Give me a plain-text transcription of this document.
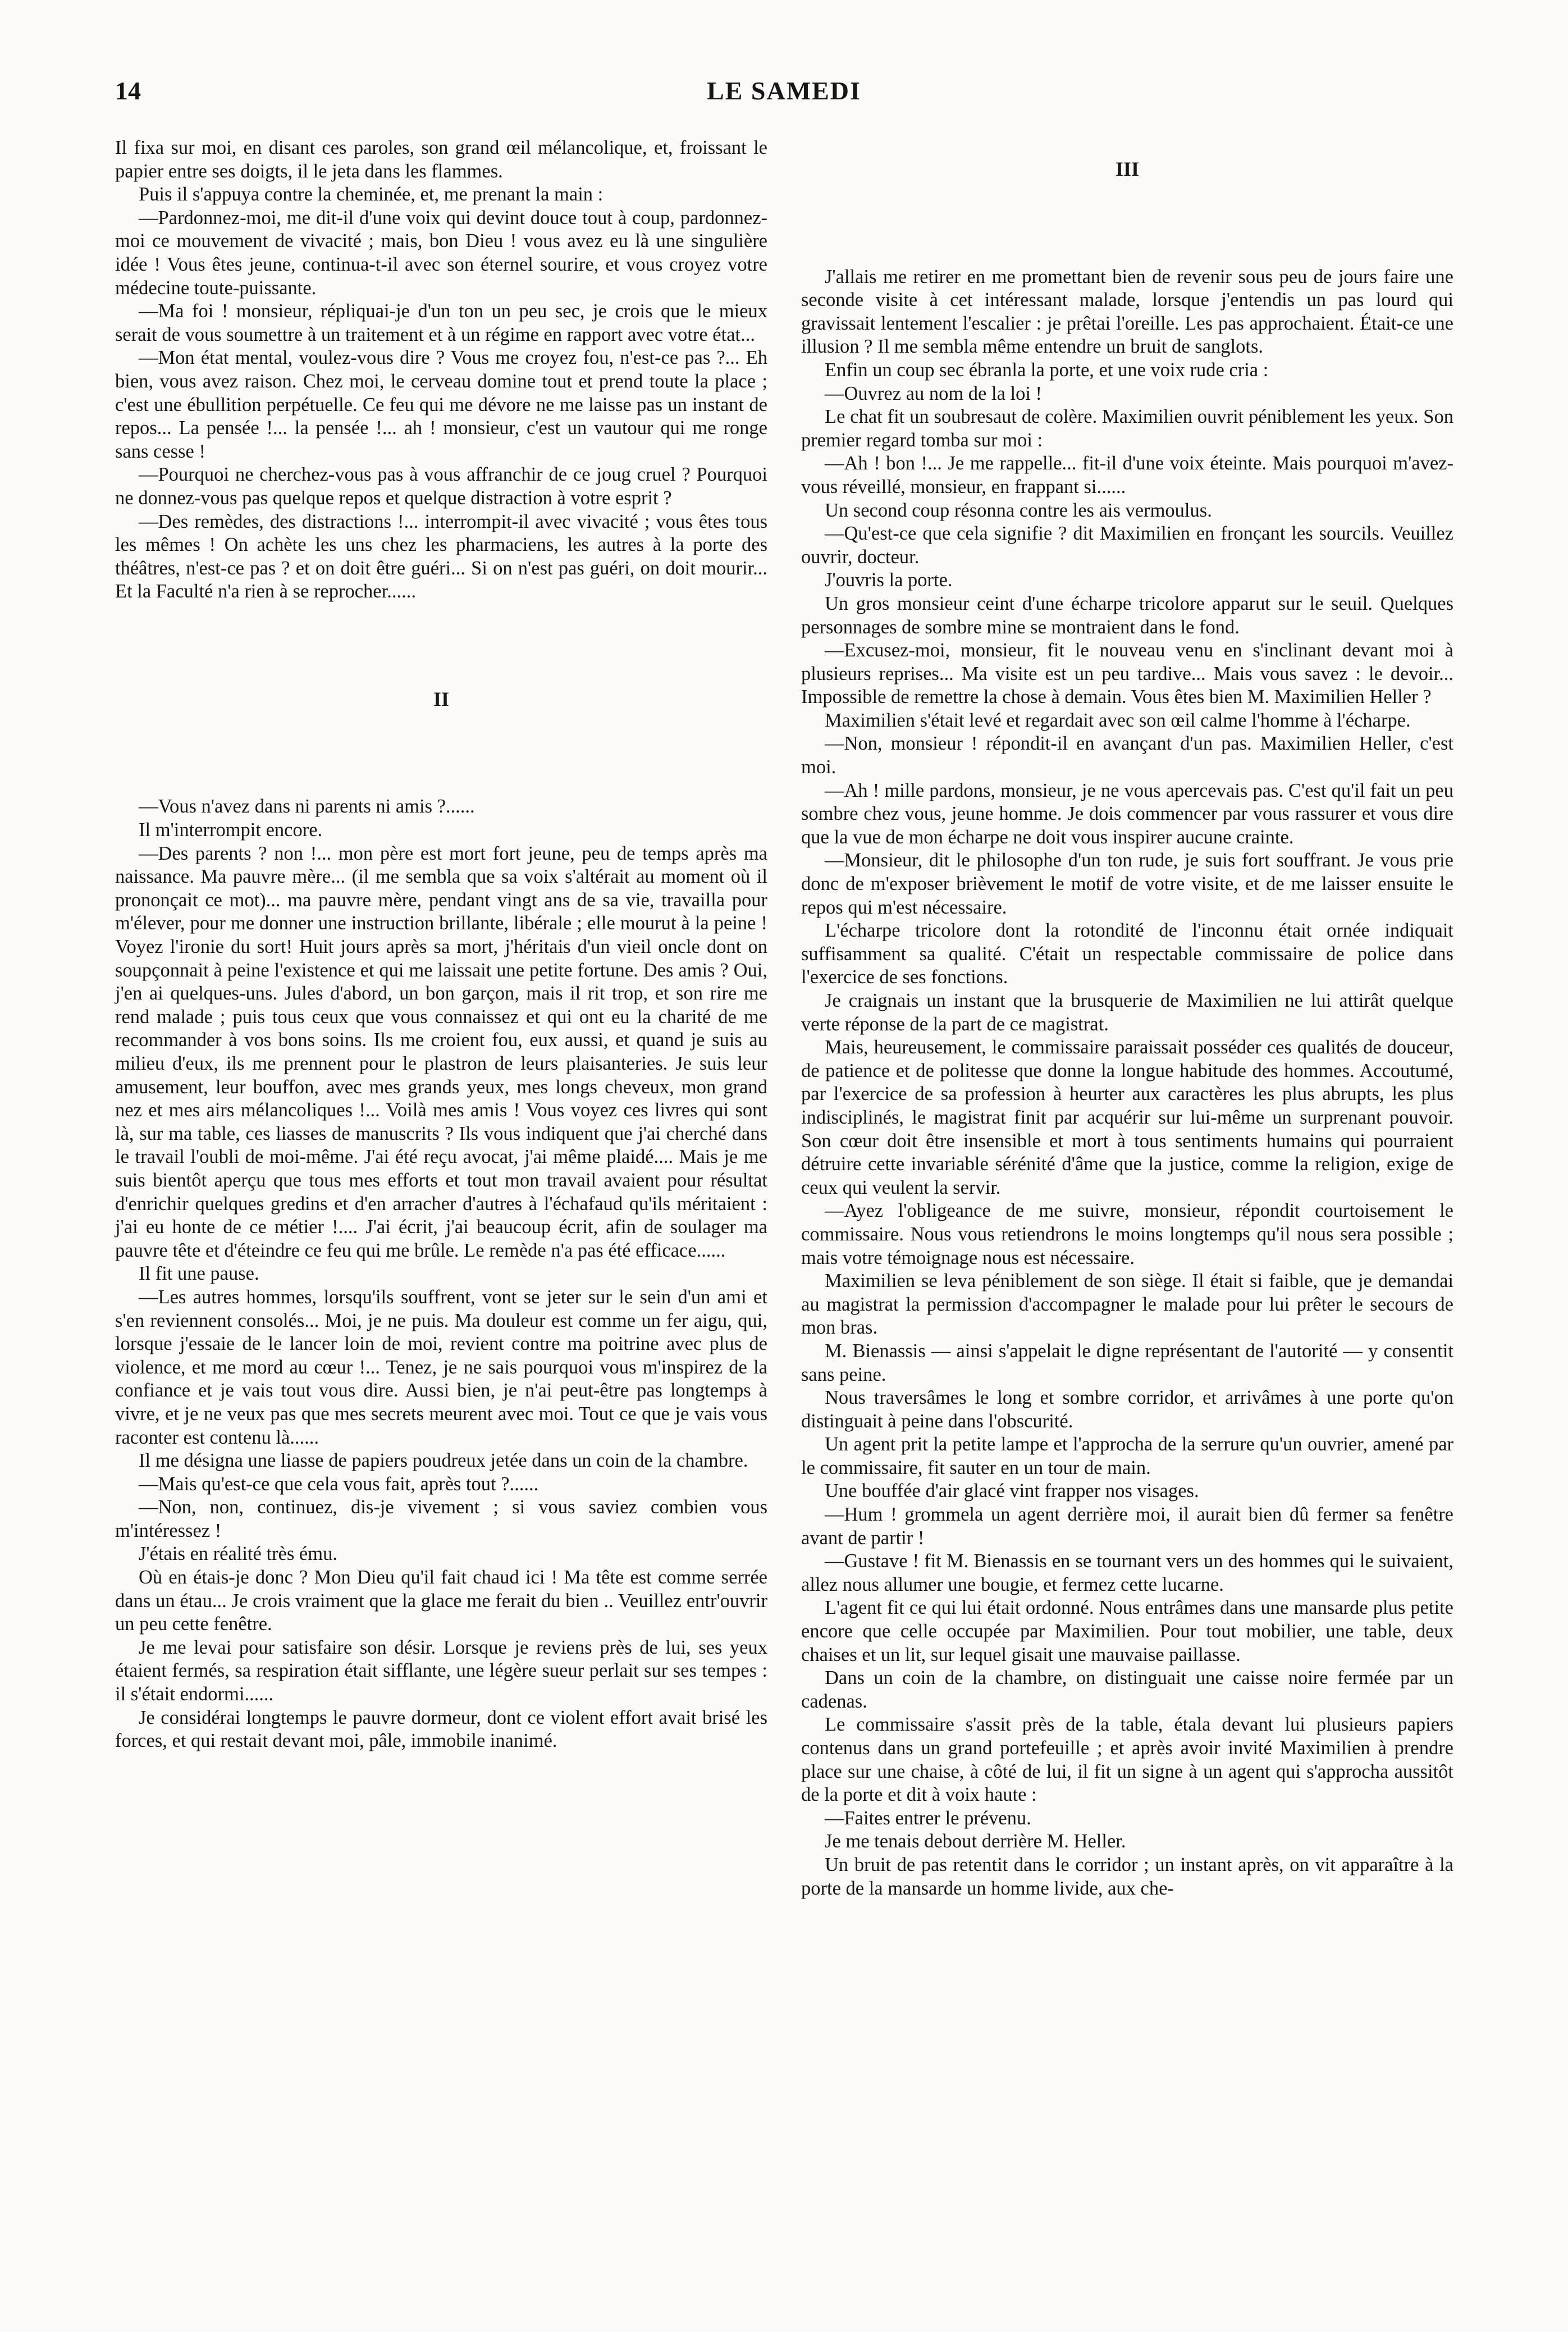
14	LE SAMEDI

Il fixa sur moi, en disant ces paroles, son grand œil mélancolique, et, froissant le papier entre ses doigts, il le jeta dans les flammes.

Puis il s'appuya contre la cheminée, et, me prenant la main :

—Pardonnez-moi, me dit-il d'une voix qui devint douce tout à coup, pardonnez-moi ce mouvement de vivacité ; mais, bon Dieu ! vous avez eu là une singulière idée ! Vous êtes jeune, continua-t-il avec son éternel sourire, et vous croyez votre médecine toute-puissante.

—Ma foi ! monsieur, répliquai-je d'un ton un peu sec, je crois que le mieux serait de vous soumettre à un traitement et à un régime en rapport avec votre état...

—Mon état mental, voulez-vous dire ? Vous me croyez fou, n'est-ce pas ?... Eh bien, vous avez raison. Chez moi, le cerveau domine tout et prend toute la place ; c'est une ébullition perpétuelle. Ce feu qui me dévore ne me laisse pas un instant de repos... La pensée !... la pensée !... ah ! monsieur, c'est un vautour qui me ronge sans cesse !

—Pourquoi ne cherchez-vous pas à vous affranchir de ce joug cruel ? Pourquoi ne donnez-vous pas quelque repos et quelque distraction à votre esprit ?

—Des remèdes, des distractions !... interrompit-il avec vivacité ; vous êtes tous les mêmes ! On achète les uns chez les pharmaciens, les autres à la porte des théâtres, n'est-ce pas ? et on doit être guéri... Si on n'est pas guéri, on doit mourir... Et la Faculté n'a rien à se reprocher......

II

—Vous n'avez dans ni parents ni amis ?......

Il m'interrompit encore.

—Des parents ? non !... mon père est mort fort jeune, peu de temps après ma naissance. Ma pauvre mère... (il me sembla que sa voix s'altérait au moment où il prononçait ce mot)... ma pauvre mère, pendant vingt ans de sa vie, travailla pour m'élever, pour me donner une instruction brillante, libérale ; elle mourut à la peine ! Voyez l'ironie du sort! Huit jours après sa mort, j'héritais d'un vieil oncle dont on soupçonnait à peine l'existence et qui me laissait une petite fortune. Des amis ? Oui, j'en ai quelques-uns. Jules d'abord, un bon garçon, mais il rit trop, et son rire me rend malade ; puis tous ceux que vous connaissez et qui ont eu la charité de me recommander à vos bons soins. Ils me croient fou, eux aussi, et quand je suis au milieu d'eux, ils me prennent pour le plastron de leurs plaisanteries. Je suis leur amusement, leur bouffon, avec mes grands yeux, mes longs cheveux, mon grand nez et mes airs mélancoliques !... Voilà mes amis ! Vous voyez ces livres qui sont là, sur ma table, ces liasses de manuscrits ? Ils vous indiquent que j'ai cherché dans le travail l'oubli de moi-même. J'ai été reçu avocat, j'ai même plaidé.... Mais je me suis bientôt aperçu que tous mes efforts et tout mon travail avaient pour résultat d'enrichir quelques gredins et d'en arracher d'autres à l'échafaud qu'ils méritaient : j'ai eu honte de ce métier !.... J'ai écrit, j'ai beaucoup écrit, afin de soulager ma pauvre tête et d'éteindre ce feu qui me brûle. Le remède n'a pas été efficace......

Il fit une pause.

—Les autres hommes, lorsqu'ils souffrent, vont se jeter sur le sein d'un ami et s'en reviennent consolés... Moi, je ne puis. Ma douleur est comme un fer aigu, qui, lorsque j'essaie de le lancer loin de moi, revient contre ma poitrine avec plus de violence, et me mord au cœur !... Tenez, je ne sais pourquoi vous m'inspirez de la confiance et je vais tout vous dire. Aussi bien, je n'ai peut-être pas longtemps à vivre, et je ne veux pas que mes secrets meurent avec moi. Tout ce que je vais vous raconter est contenu là......

Il me désigna une liasse de papiers poudreux jetée dans un coin de la chambre.

—Mais qu'est-ce que cela vous fait, après tout ?......

—Non, non, continuez, dis-je vivement ; si vous saviez combien vous m'intéressez !

J'étais en réalité très ému.

Où en étais-je donc ? Mon Dieu qu'il fait chaud ici ! Ma tête est comme serrée dans un étau... Je crois vraiment que la glace me ferait du bien .. Veuillez entr'ouvrir un peu cette fenêtre.

Je me levai pour satisfaire son désir. Lorsque je reviens près de lui, ses yeux étaient fermés, sa respiration était sifflante, une légère sueur perlait sur ses tempes : il s'était endormi......

Je considérai longtemps le pauvre dormeur, dont ce violent effort avait brisé les forces, et qui restait devant moi, pâle, immobile inanimé.

III

J'allais me retirer en me promettant bien de revenir sous peu de jours faire une seconde visite à cet intéressant malade, lorsque j'entendis un pas lourd qui gravissait lentement l'escalier : je prêtai l'oreille. Les pas approchaient. Était-ce une illusion ? Il me sembla même entendre un bruit de sanglots.

Enfin un coup sec ébranla la porte, et une voix rude cria :

—Ouvrez au nom de la loi !

Le chat fit un soubresaut de colère. Maximilien ouvrit péniblement les yeux. Son premier regard tomba sur moi :

—Ah ! bon !... Je me rappelle... fit-il d'une voix éteinte. Mais pourquoi m'avez-vous réveillé, monsieur, en frappant si......

Un second coup résonna contre les ais vermoulus.

—Qu'est-ce que cela signifie ? dit Maximilien en fronçant les sourcils. Veuillez ouvrir, docteur.

J'ouvris la porte.

Un gros monsieur ceint d'une écharpe tricolore apparut sur le seuil. Quelques personnages de sombre mine se montraient dans le fond.

—Excusez-moi, monsieur, fit le nouveau venu en s'inclinant devant moi à plusieurs reprises... Ma visite est un peu tardive... Mais vous savez : le devoir... Impossible de remettre la chose à demain. Vous êtes bien M. Maximilien Heller ?

Maximilien s'était levé et regardait avec son œil calme l'homme à l'écharpe.

—Non, monsieur ! répondit-il en avançant d'un pas. Maximilien Heller, c'est moi.

—Ah ! mille pardons, monsieur, je ne vous apercevais pas. C'est qu'il fait un peu sombre chez vous, jeune homme. Je dois commencer par vous rassurer et vous dire que la vue de mon écharpe ne doit vous inspirer aucune crainte.

—Monsieur, dit le philosophe d'un ton rude, je suis fort souffrant. Je vous prie donc de m'exposer brièvement le motif de votre visite, et de me laisser ensuite le repos qui m'est nécessaire.

L'écharpe tricolore dont la rotondité de l'inconnu était ornée indiquait suffisamment sa qualité. C'était un respectable commissaire de police dans l'exercice de ses fonctions.

Je craignais un instant que la brusquerie de Maximilien ne lui attirât quelque verte réponse de la part de ce magistrat.

Mais, heureusement, le commissaire paraissait posséder ces qualités de douceur, de patience et de politesse que donne la longue habitude des hommes. Accoutumé, par l'exercice de sa profession à heurter aux caractères les plus abrupts, les plus indisciplinés, le magistrat finit par acquérir sur lui-même un surprenant pouvoir. Son cœur doit être insensible et mort à tous sentiments humains qui pourraient détruire cette invariable sérénité d'âme que la justice, comme la religion, exige de ceux qui veulent la servir.

—Ayez l'obligeance de me suivre, monsieur, répondit courtoisement le commissaire. Nous vous retiendrons le moins longtemps qu'il nous sera possible ; mais votre témoignage nous est nécessaire.

Maximilien se leva péniblement de son siège. Il était si faible, que je demandai au magistrat la permission d'accompagner le malade pour lui prêter le secours de mon bras.

M. Bienassis — ainsi s'appelait le digne représentant de l'autorité — y consentit sans peine.

Nous traversâmes le long et sombre corridor, et arrivâmes à une porte qu'on distinguait à peine dans l'obscurité.

Un agent prit la petite lampe et l'approcha de la serrure qu'un ouvrier, amené par le commissaire, fit sauter en un tour de main.

Une bouffée d'air glacé vint frapper nos visages.

—Hum ! grommela un agent derrière moi, il aurait bien dû fermer sa fenêtre avant de partir !

—Gustave ! fit M. Bienassis en se tournant vers un des hommes qui le suivaient, allez nous allumer une bougie, et fermez cette lucarne.

L'agent fit ce qui lui était ordonné. Nous entrâmes dans une mansarde plus petite encore que celle occupée par Maximilien. Pour tout mobilier, une table, deux chaises et un lit, sur lequel gisait une mauvaise paillasse.

Dans un coin de la chambre, on distinguait une caisse noire fermée par un cadenas.

Le commissaire s'assit près de la table, étala devant lui plusieurs papiers contenus dans un grand portefeuille ; et après avoir invité Maximilien à prendre place sur une chaise, à côté de lui, il fit un signe à un agent qui s'approcha aussitôt de la porte et dit à voix haute :

—Faites entrer le prévenu.

Je me tenais debout derrière M. Heller.

Un bruit de pas retentit dans le corridor ; un instant après, on vit apparaître à la porte de la mansarde un homme livide, aux che-
